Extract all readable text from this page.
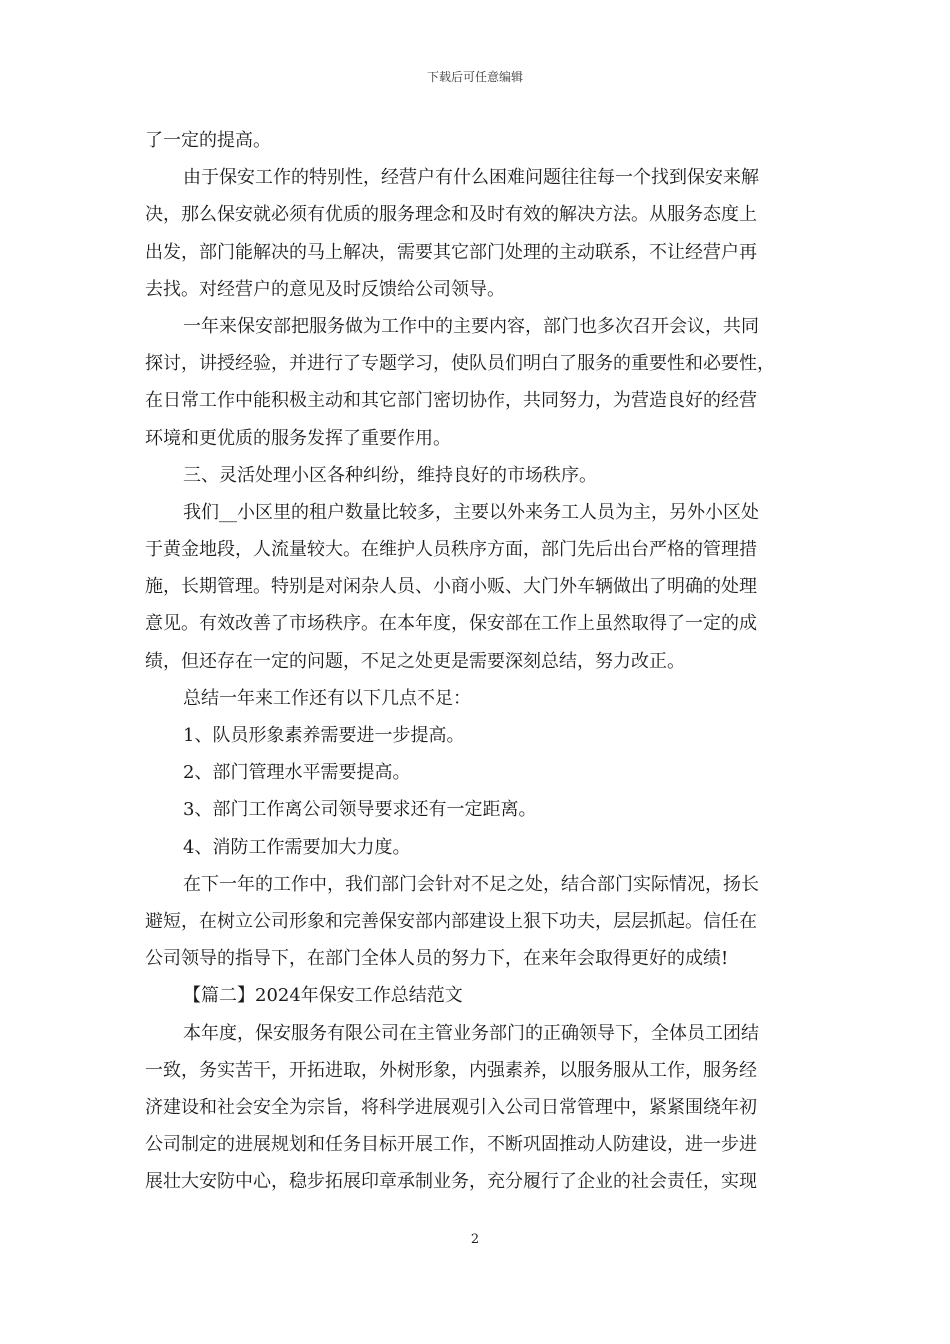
下载后可任意编辑
了一定的提高。
由于保安工作的特别性，经营户有什么困难问题往往每一个找到保安来解
决，那么保安就必须有优质的服务理念和及时有效的解决方法。从服务态度上
出发，部门能解决的马上解决，需要其它部门处理的主动联系，不让经营户再
去找。对经营户的意见及时反馈给公司领导。
一年来保安部把服务做为工作中的主要内容，部门也多次召开会议，共同
探讨，讲授经验，并进行了专题学习，使队员们明白了服务的重要性和必要性，
在日常工作中能积极主动和其它部门密切协作，共同努力，为营造良好的经营
环境和更优质的服务发挥了重要作用。
三、灵活处理小区各种纠纷，维持良好的市场秩序。
我们__小区里的租户数量比较多，主要以外来务工人员为主，另外小区处
于黄金地段，人流量较大。在维护人员秩序方面，部门先后出台严格的管理措
施，长期管理。特别是对闲杂人员、小商小贩、大门外车辆做出了明确的处理
意见。有效改善了市场秩序。在本年度，保安部在工作上虽然取得了一定的成
绩，但还存在一定的问题，不足之处更是需要深刻总结，努力改正。
总结一年来工作还有以下几点不足：
1、队员形象素养需要进一步提高。
2、部门管理水平需要提高。
3、部门工作离公司领导要求还有一定距离。
4、消防工作需要加大力度。
在下一年的工作中，我们部门会针对不足之处，结合部门实际情况，扬长
避短，在树立公司形象和完善保安部内部建设上狠下功夫，层层抓起。信任在
公司领导的指导下，在部门全体人员的努力下，在来年会取得更好的成绩!
【篇二】2024年保安工作总结范文
本年度，保安服务有限公司在主管业务部门的正确领导下，全体员工团结
一致，务实苦干，开拓进取，外树形象，内强素养，以服务服从工作，服务经
济建设和社会安全为宗旨，将科学进展观引入公司日常管理中，紧紧围绕年初
公司制定的进展规划和任务目标开展工作，不断巩固推动人防建设，进一步进
展壮大安防中心，稳步拓展印章承制业务，充分履行了企业的社会责任，实现
2
